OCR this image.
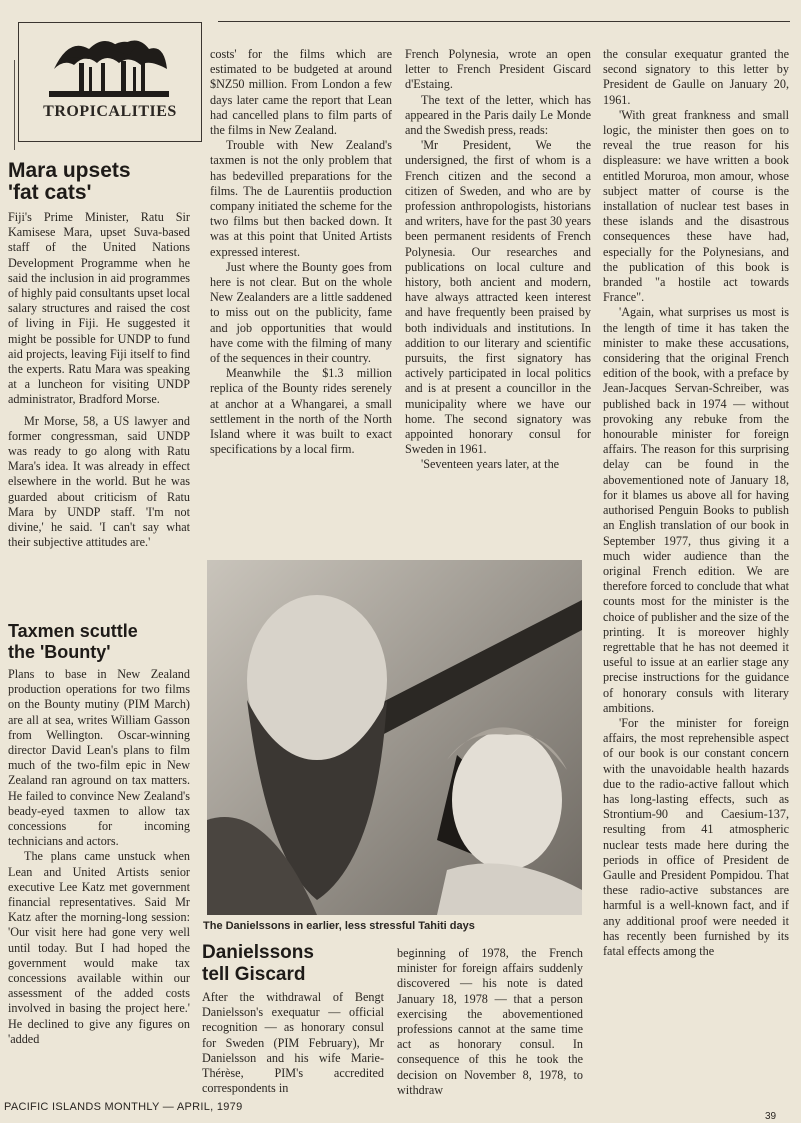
TROPICALITIES
Mara upsets
'fat cats'

Fiji's Prime Minister, Ratu Sir Kamisese Mara, upset Suva-based staff of the United Nations Development Programme when he said the inclusion in aid programmes of highly paid consultants upset local salary structures and raised the cost of living in Fiji. He suggested it might be possible for UNDP to fund aid projects, leaving Fiji itself to find the experts. Ratu Mara was speaking at a luncheon for visiting UNDP administrator, Bradford Morse.

Mr Morse, 58, a US lawyer and former congressman, said UNDP was ready to go along with Ratu Mara's idea. It was already in effect elsewhere in the world. But he was guarded about criticism of Ratu Mara by UNDP staff. 'I'm not divine,' he said. 'I can't say what their subjective attitudes are.'

Taxmen scuttle
the 'Bounty'

Plans to base in New Zealand production operations for two films on the Bounty mutiny (PIM March) are all at sea, writes William Gasson from Wellington. Oscar-winning director David Lean's plans to film much of the two-film epic in New Zealand ran aground on tax matters. He failed to convince New Zealand's beady-eyed taxmen to allow tax concessions for incoming technicians and actors.

The plans came unstuck when Lean and United Artists senior executive Lee Katz met government financial representatives. Said Mr Katz after the morning-long session: 'Our visit here had gone very well until today. But I had hoped the government would make tax concessions available within our assessment of the added costs involved in basing the project here.' He declined to give any figures on 'added

costs' for the films which are estimated to be budgeted at around $NZ50 million. From London a few days later came the report that Lean had cancelled plans to film parts of the films in New Zealand.

Trouble with New Zealand's taxmen is not the only problem that has bedevilled preparations for the films. The de Laurentiis production company initiated the scheme for the two films but then backed down. It was at this point that United Artists expressed interest.

Just where the Bounty goes from here is not clear. But on the whole New Zealanders are a little saddened to miss out on the publicity, fame and job opportunities that would have come with the filming of many of the sequences in their country.

Meanwhile the $1.3 million replica of the Bounty rides serenely at anchor at a Whangarei, a small settlement in the north of the North Island where it was built to exact specifications by a local firm.

French Polynesia, wrote an open letter to French President Giscard d'Estaing.

The text of the letter, which has appeared in the Paris daily Le Monde and the Swedish press, reads:

'Mr President, We the undersigned, the first of whom is a French citizen and the second a citizen of Sweden, and who are by profession anthropologists, historians and writers, have for the past 30 years been permanent residents of French Polynesia. Our researches and publications on local culture and history, both ancient and modern, have always attracted keen interest and have frequently been praised by both individuals and institutions. In addition to our literary and scientific pursuits, the first signatory has actively participated in local politics and is at present a councillor in the municipality where we have our home. The second signatory was appointed honorary consul for Sweden in 1961.

'Seventeen years later, at the

the consular exequatur granted the second signatory to this letter by President de Gaulle on January 20, 1961.

'With great frankness and small logic, the minister then goes on to reveal the true reason for his displeasure: we have written a book entitled Moruroa, mon amour, whose subject matter of course is the installation of nuclear test bases in these islands and the disastrous consequences these have had, especially for the Polynesians, and the publication of this book is branded "a hostile act towards France".

'Again, what surprises us most is the length of time it has taken the minister to make these accusations, considering that the original French edition of the book, with a preface by Jean-Jacques Servan-Schreiber, was published back in 1974 — without provoking any rebuke from the honourable minister for foreign affairs. The reason for this surprising delay can be found in the abovementioned note of January 18, for it blames us above all for having authorised Penguin Books to publish an English translation of our book in September 1977, thus giving it a much wider audience than the original French edition. We are therefore forced to conclude that what counts most for the minister is the choice of publisher and the size of the printing. It is moreover highly regrettable that he has not deemed it useful to issue at an earlier stage any precise instructions for the guidance of honorary consuls with literary ambitions.

'For the minister for foreign affairs, the most reprehensible aspect of our book is our constant concern with the unavoidable health hazards due to the radio-active fallout which has long-lasting effects, such as Strontium-90 and Caesium-137, resulting from 41 atmospheric nuclear tests made here during the periods in office of President de Gaulle and President Pompidou. That these radio-active substances are harmful is a well-known fact, and if any additional proof were needed it has recently been furnished by its fatal effects among the

The Danielssons in earlier, less stressful Tahiti days
Danielssons
tell Giscard

After the withdrawal of Bengt Danielsson's exequatur — official recognition — as honorary consul for Sweden (PIM February), Mr Danielsson and his wife Marie-Thérèse, PIM's accredited correspondents in

beginning of 1978, the French minister for foreign affairs suddenly discovered — his note is dated January 18, 1978 — that a person exercising the abovementioned professions cannot at the same time act as honorary consul. In consequence of this he took the decision on November 8, 1978, to withdraw

PACIFIC ISLANDS MONTHLY — APRIL, 1979
39
